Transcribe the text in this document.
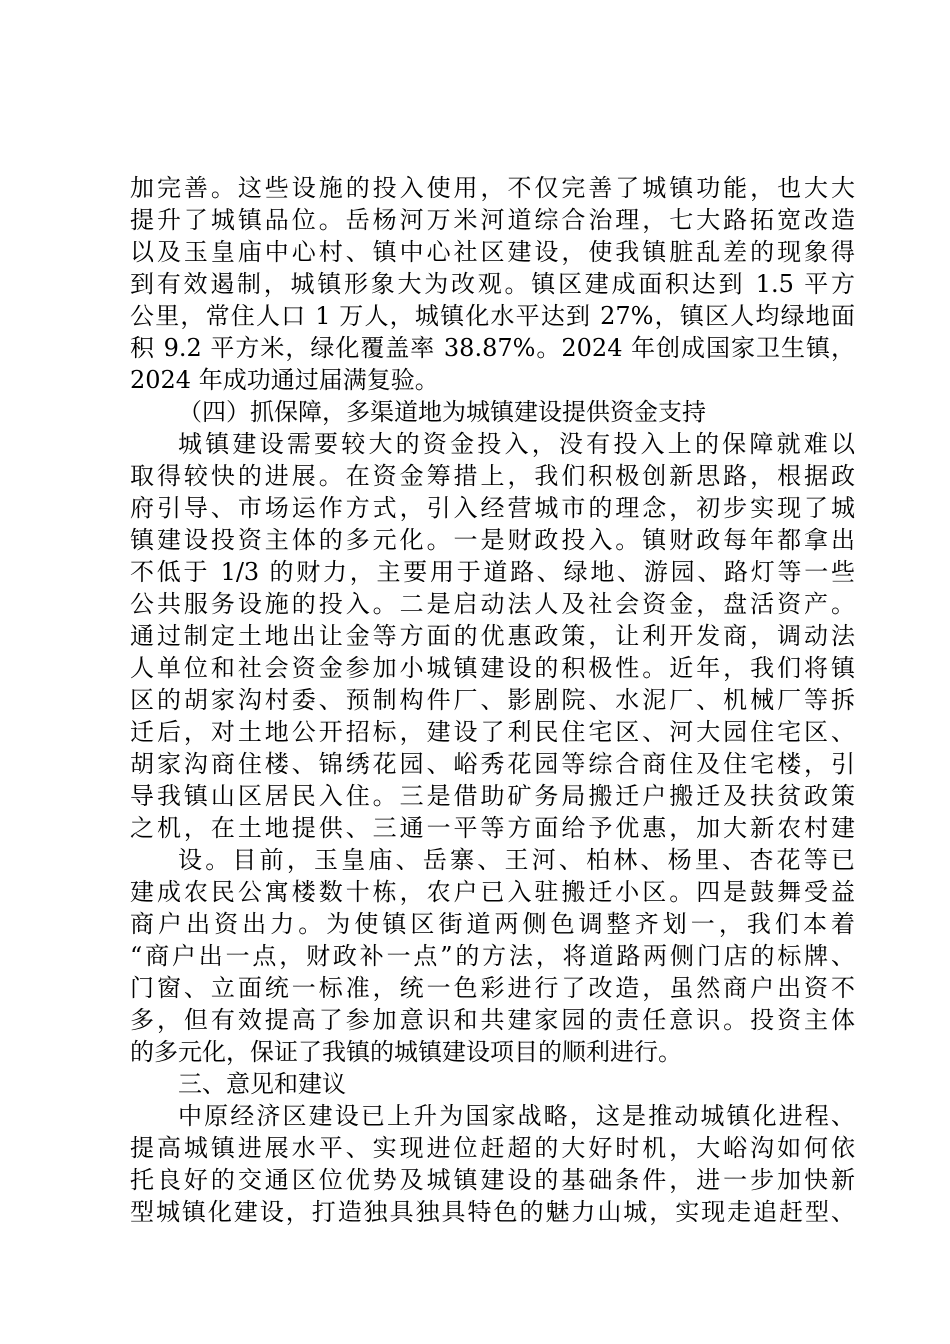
加完善。这些设施的投入使用，不仅完善了城镇功能，也大大
提升了城镇品位。岳杨河万米河道综合治理，七大路拓宽改造
以及玉皇庙中心村、镇中心社区建设，使我镇脏乱差的现象得
到有效遏制，城镇形象大为改观。镇区建成面积达到 1.5 平方
公里，常住人口 1 万人，城镇化水平达到 27%，镇区人均绿地面
积 9.2 平方米，绿化覆盖率 38.87%。2024 年创成国家卫生镇，
2024 年成功通过届满复验。
（四）抓保障，多渠道地为城镇建设提供资金支持
城镇建设需要较大的资金投入，没有投入上的保障就难以
取得较快的进展。在资金筹措上，我们积极创新思路，根据政
府引导、市场运作方式，引入经营城市的理念，初步实现了城
镇建设投资主体的多元化。一是财政投入。镇财政每年都拿出
不低于 1/3 的财力，主要用于道路、绿地、游园、路灯等一些
公共服务设施的投入。二是启动法人及社会资金，盘活资产。
通过制定土地出让金等方面的优惠政策，让利开发商，调动法
人单位和社会资金参加小城镇建设的积极性。近年，我们将镇
区的胡家沟村委、预制构件厂、影剧院、水泥厂、机械厂等拆
迁后，对土地公开招标，建设了利民住宅区、河大园住宅区、
胡家沟商住楼、锦绣花园、峪秀花园等综合商住及住宅楼，引
导我镇山区居民入住。三是借助矿务局搬迁户搬迁及扶贫政策
之机，在土地提供、三通一平等方面给予优惠，加大新农村建
设。目前，玉皇庙、岳寨、王河、柏林、杨里、杏花等已
建成农民公寓楼数十栋，农户已入驻搬迁小区。四是鼓舞受益
商户出资出力。为使镇区街道两侧色调整齐划一，我们本着
“商户出一点，财政补一点”的方法，将道路两侧门店的标牌、
门窗、立面统一标准，统一色彩进行了改造，虽然商户出资不
多，但有效提高了参加意识和共建家园的责任意识。投资主体
的多元化，保证了我镇的城镇建设项目的顺利进行。
三、意见和建议
中原经济区建设已上升为国家战略，这是推动城镇化进程、
提高城镇进展水平、实现进位赶超的大好时机，大峪沟如何依
托良好的交通区位优势及城镇建设的基础条件，进一步加快新
型城镇化建设，打造独具独具特色的魅力山城，实现走追赶型、
